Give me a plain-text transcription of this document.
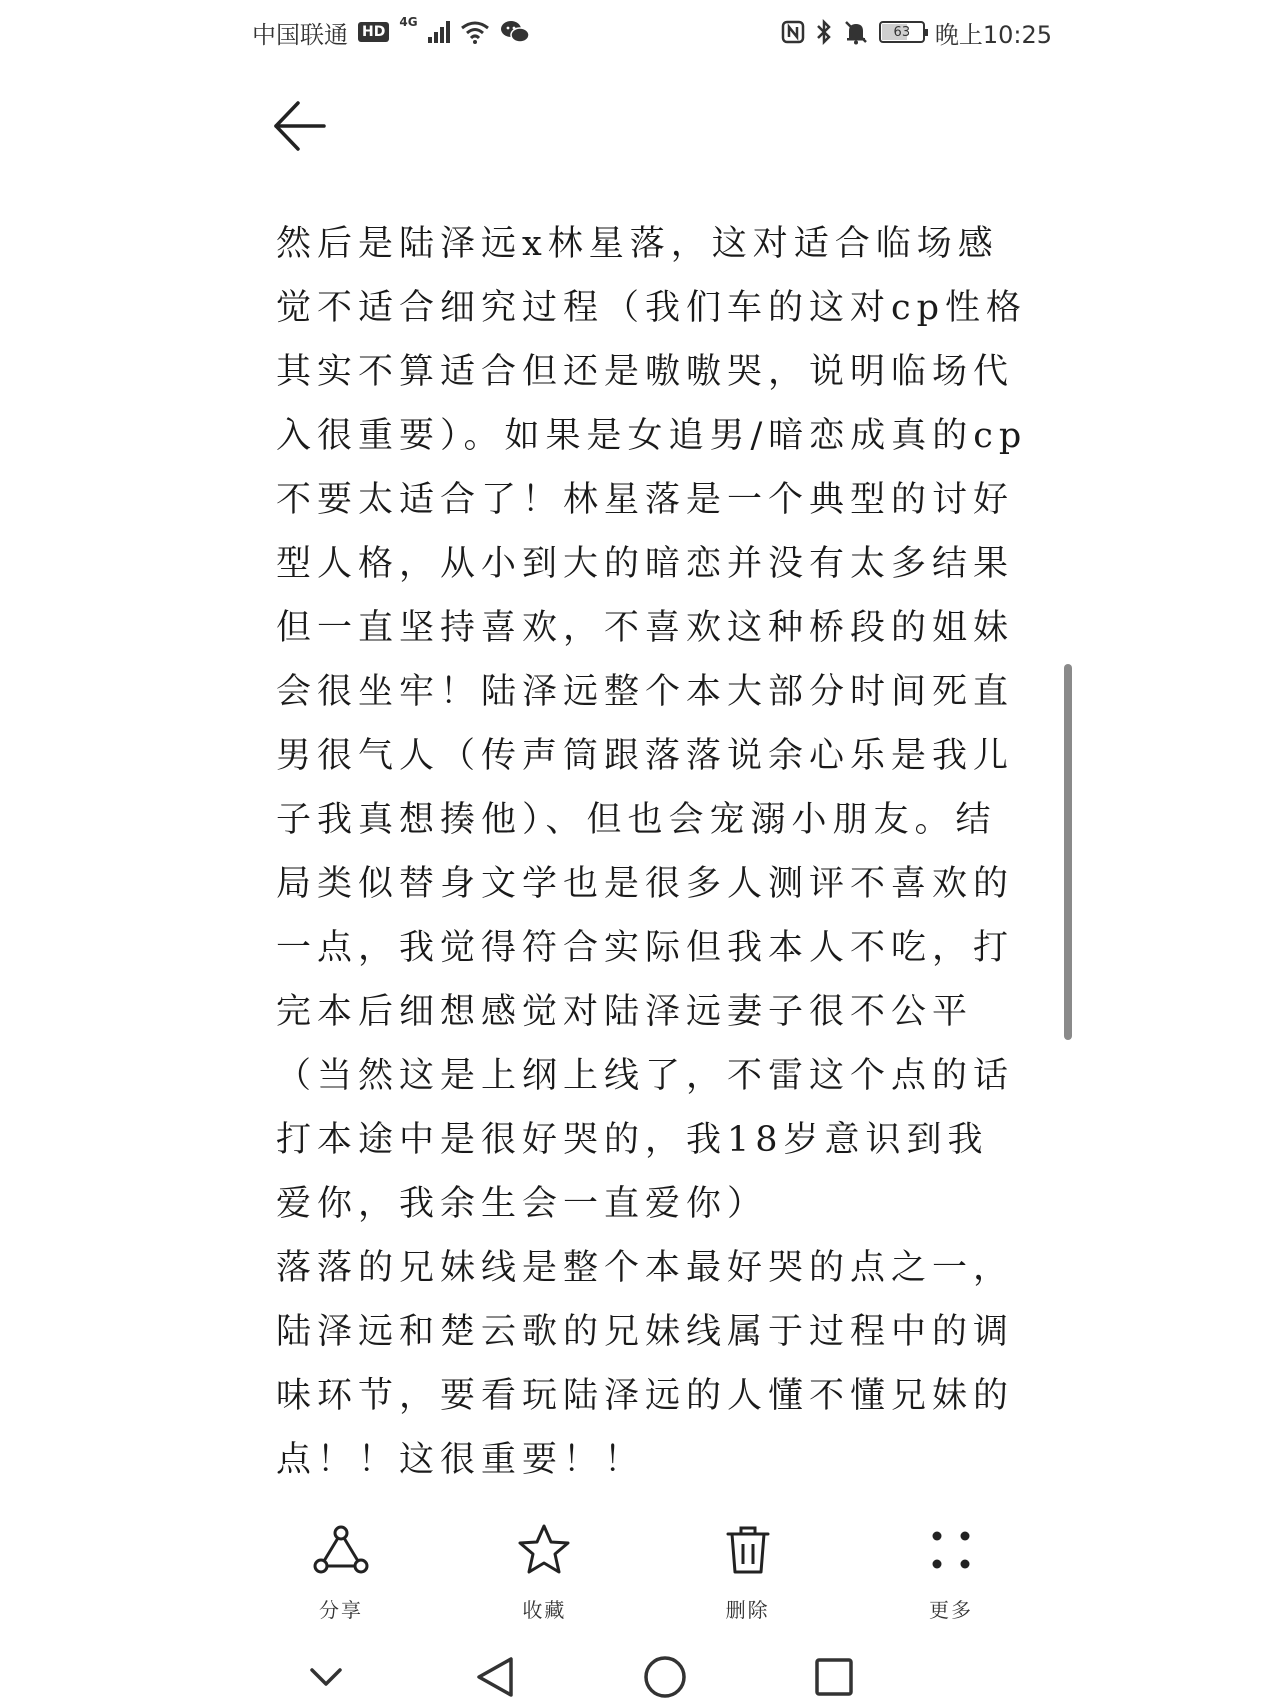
中国联通 HD
4G
63 晚上10:25

然后是陆泽远x林星落，这对适合临场感觉不适合细究过程（我们车的这对cp性格其实不算适合但还是嗷嗷哭，说明临场代入很重要）。如果是女追男/暗恋成真的cp不要太适合了！林星落是一个典型的讨好型人格，从小到大的暗恋并没有太多结果但一直坚持喜欢，不喜欢这种桥段的姐妹会很坐牢！陆泽远整个本大部分时间死直男很气人（传声筒跟落落说余心乐是我儿子我真想揍他）、但也会宠溺小朋友。结局类似替身文学也是很多人测评不喜欢的一点，我觉得符合实际但我本人不吃，打完本后细想感觉对陆泽远妻子很不公平（当然这是上纲上线了，不雷这个点的话打本途中是很好哭的，我18岁意识到我爱你，我余生会一直爱你）

落落的兄妹线是整个本最好哭的点之一，陆泽远和楚云歌的兄妹线属于过程中的调味环节，要看玩陆泽远的人懂不懂兄妹的点！！这很重要！！

分享	收藏	删除	更多
